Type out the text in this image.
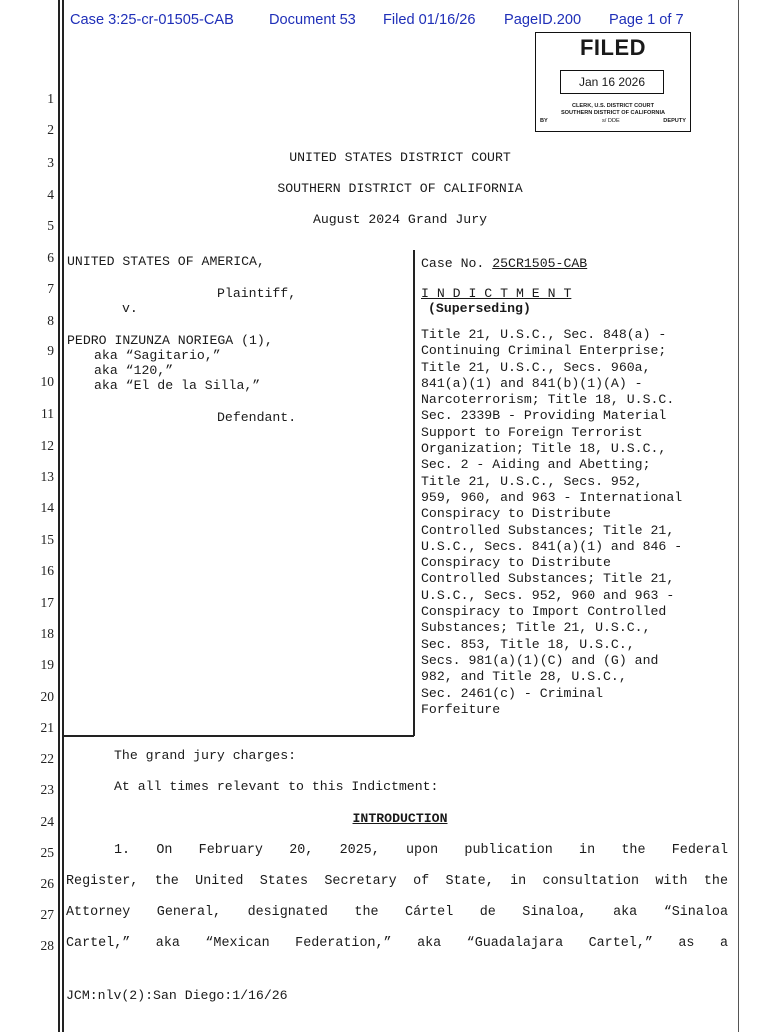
Case 3:25-cr-01505-CAB Document 53 Filed 01/16/26 PageID.200 Page 1 of 7
FILED
Jan 16 2026
CLERK, U.S. DISTRICT COURT
SOUTHERN DISTRICT OF CALIFORNIA
BY	s/ DDE	DEPUTY
1
2
3
4
5
6
7
8
9
10
11
12
13
14
15
16
17
18
19
20
21
22
23
24
25
26
27
28
UNITED STATES DISTRICT COURT
SOUTHERN DISTRICT OF CALIFORNIA
August 2024 Grand Jury
UNITED STATES OF AMERICA,
Plaintiff,
v.
PEDRO INZUNZA NORIEGA (1),
aka “Sagitario,”
aka “120,”
aka “El de la Silla,”
Defendant.
Case No. 25CR1505-CAB
I N D I C T M E N T
(Superseding)
Title 21, U.S.C., Sec. 848(a) -
Continuing Criminal Enterprise;
Title 21, U.S.C., Secs. 960a,
841(a)(1) and 841(b)(1)(A) -
Narcoterrorism; Title 18, U.S.C.
Sec. 2339B - Providing Material
Support to Foreign Terrorist
Organization; Title 18, U.S.C.,
Sec. 2 - Aiding and Abetting;
Title 21, U.S.C., Secs. 952,
959, 960, and 963 - International
Conspiracy to Distribute
Controlled Substances; Title 21,
U.S.C., Secs. 841(a)(1) and 846 -
Conspiracy to Distribute
Controlled Substances; Title 21,
U.S.C., Secs. 952, 960 and 963 -
Conspiracy to Import Controlled
Substances; Title 21, U.S.C.,
Sec. 853, Title 18, U.S.C.,
Secs. 981(a)(1)(C) and (G) and
982, and Title 28, U.S.C.,
Sec. 2461(c) - Criminal
Forfeiture
The grand jury charges:
At all times relevant to this Indictment:
INTRODUCTION
1. On February 20, 2025, upon publication in the Federal
Register, the United States Secretary of State, in consultation with the
Attorney General, designated the Cártel de Sinaloa, aka “Sinaloa
Cartel,” aka “Mexican Federation,” aka “Guadalajara Cartel,” as a
JCM:nlv(2):San Diego:1/16/26
